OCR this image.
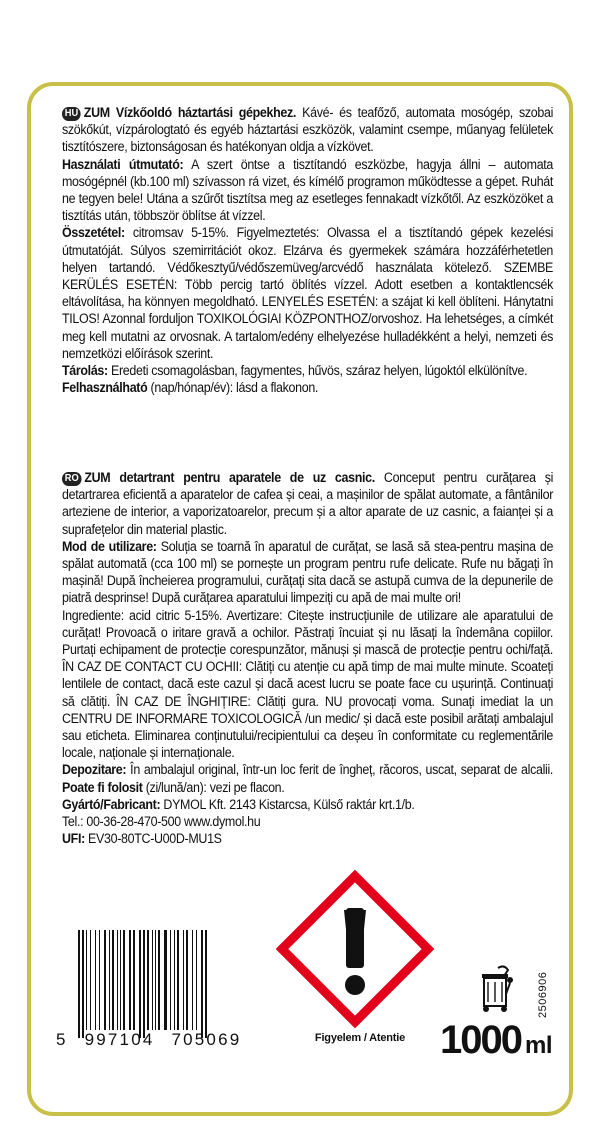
HU ZUM Vízkőoldó háztartási gépekhez. Kávé- és teafőző, automata mosógép, szobai szökőkút, vízpárologtató és egyéb háztartási eszközök, valamint csempe, műanyag felületek tisztítószere, biztonságosan és hatékonyan oldja a vízkövet.

Használati útmutató: A szert öntse a tisztítandó eszközbe, hagyja állni – automata mosógépnél (kb.100 ml) szívasson rá vizet, és kímélő programon működtesse a gépet. Ruhát ne tegyen bele! Utána a szűrőt tisztítsa meg az esetleges fennakadt vízkőtől. Az eszközöket a tisztítás után, többször öblítse át vízzel.

Összetétel: citromsav 5-15%. Figyelmeztetés: Olvassa el a tisztítandó gépek kezelési útmutatóját. Súlyos szemirritációt okoz. Elzárva és gyermekek számára hozzáférhetetlen helyen tartandó. Védőkesztyű/védőszemüveg/arcvédő használata kötelező. SZEMBE KERÜLÉS ESETÉN: Több percig tartó öblítés vízzel. Adott esetben a kontaktlencsék eltávolítása, ha könnyen megoldható. LENYELÉS ESETÉN: a szájat ki kell öblíteni. Hánytatni TILOS! Azonnal forduljon TOXIKOLÓGIAI KÖZPONTHOZ/orvoshoz. Ha lehetséges, a címkét meg kell mutatni az orvosnak. A tartalom/edény elhelyezése hulladékként a helyi, nemzeti és nemzetközi előírások szerint.

Tárolás: Eredeti csomagolásban, fagymentes, hűvös, száraz helyen, lúgoktól elkülönítve.

Felhasználható (nap/hónap/év): lásd a flakonon.

RO ZUM detartrant pentru aparatele de uz casnic. Conceput pentru curățarea și detartrarea eficientă a aparatelor de cafea și ceai, a mașinilor de spălat automate, a fântânilor arteziene de interior, a vaporizatoarelor, precum și a altor aparate de uz casnic, a faianței și a suprafețelor din material plastic.

Mod de utilizare: Soluția se toarnă în aparatul de curățat, se lasă să stea-pentru mașina de spălat automată (cca 100 ml) se pornește un program pentru rufe delicate. Rufe nu băgați în mașină! După încheierea programului, curățați sita dacă se astupă cumva de la depunerile de piatră desprinse! După curățarea aparatului limpeziți cu apă de mai multe ori!

Ingrediente: acid citric 5-15%. Avertizare: Citește instrucțiunile de utilizare ale aparatului de curățat! Provoacă o iritare gravă a ochilor. Păstrați încuiat și nu lăsați la îndemâna copiilor. Purtați echipament de protecție corespunzător, mănuși și mască de protecție pentru ochi/față. ÎN CAZ DE CONTACT CU OCHII: Clătiți cu atenție cu apă timp de mai multe minute. Scoateți lentilele de contact, dacă este cazul și dacă acest lucru se poate face cu ușurință. Continuați să clătiți. ÎN CAZ DE ÎNGHIȚIRE: Clătiți gura. NU provocați voma. Sunați imediat la un CENTRU DE INFORMARE TOXICOLOGICĂ /un medic/ și dacă este posibil arătați ambalajul sau eticheta. Eliminarea conținutului/recipientului ca deșeu în conformitate cu reglementările locale, naționale și internaționale.

Depozitare: În ambalajul original, într-un loc ferit de îngheț, răcoros, uscat, separat de alcalii. Poate fi folosit (zi/lună/an): vezi pe flacon.

Gyártó/Fabricant: DYMOL Kft. 2143 Kistarcsa, Külső raktár krt.1/b.

Tel.: 00-36-28-470-500 www.dymol.hu

UFI: EV30-80TC-U00D-MU1S

5 997104 705069	Figyelem / Atentie
2506906
1000 ml
